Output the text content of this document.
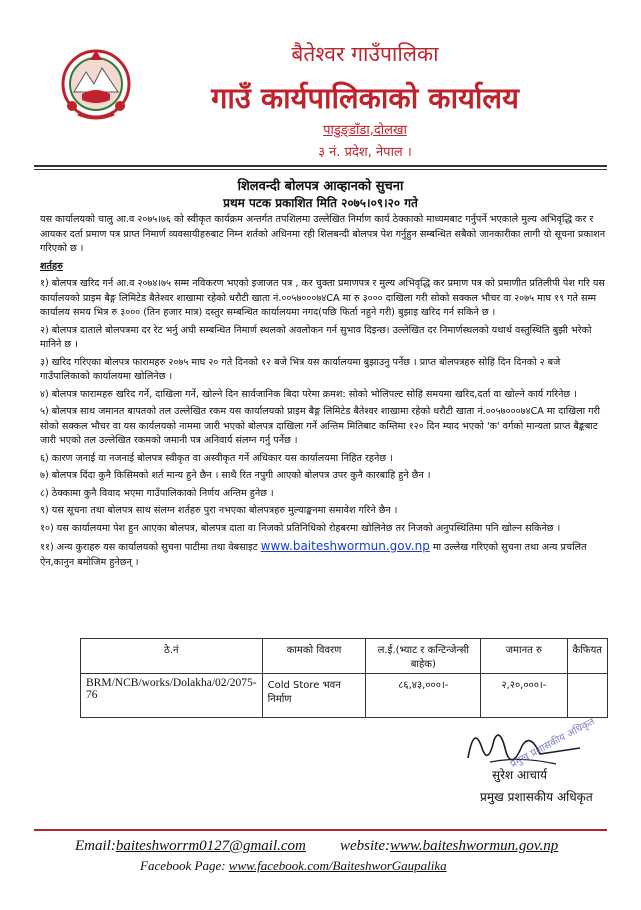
बैतेश्वर गाउँपालिका
गाउँ कार्यपालिकाको कार्यालय
पाडुङ्डाँडा,दोलखा
३ नं. प्रदेश, नेपाल ।
शिलवन्दी बोलपत्र आव्हानको सुचना
प्रथम पटक प्रकाशित मिति २०७५।०९।२० गते

यस कार्यालयको चालु आ.व २०७५।७६ को स्वीकृत कार्यक्रम अन्तर्गत तपशिलमा उल्लेखित निर्माण कार्य ठेक्काको माध्यमबाट गर्नुपर्ने भएकाले मुल्य अभिवृद्धि कर र आयकर दर्ता प्रमाण पत्र प्राप्त निमार्ण व्यवसायीहरुबाट निम्न शर्तको अधिनमा रही शिलबन्दी बोलपत्र पेश गर्नुहुन सम्बन्धित सबैको जानकारीका लागी यो सूचना प्रकाशन गरिएको छ ।

शर्तहरु

१) बोलपत्र खरिद गर्न आ.व २०७४।७५ सम्म नविकरण भएको इजाजत पत्र , कर चुक्ता प्रमाणपत्र र मुल्य अभिवृद्धि कर प्रमाण पत्र को प्रमाणीत प्रतिलीपी पेश गरि यस कार्यालयको प्राइम बैङ्ग लिमिटेड बैतेश्वर शाखामा रहेको धरौटी खाता नं.००५७०००७४CA मा रु ३००० दाखिला गरी सोको सक्कल भौचर वा २०७५ माघ १९ गते सम्म कार्यालय समय भित्र रु ३००० (तिन हजार मात्र) दस्तुर सम्बन्धित कार्यालयमा नगद(पछि फिर्ता नहुने गरी) बुझाइ खरिद गर्न सकिने छ ।

२) बोलपत्र दाताले बोलपत्रमा दर रेट भर्नु अघी सम्बन्धित निमार्ण स्थलको अवलोकन गर्न सुभाव दिइन्छ। उल्लेखित दर निमार्णस्थलको यथार्थ वस्तुस्थिति बुझी भरेको मानिने छ ।

३) खरिद गरिएका बोलपत्र फारामहरु २०७५ माघ २० गते दिनको १२ बजे भित्र यस कार्यालयमा बुझाउनु पर्नेछ । प्राप्त बोलपत्रहरु सोहि दिन दिनको २ बजे गाउँपालिकाको कार्यालयमा खोलिनेछ ।

४) बोलपत्र फारामहरु खरिद गर्ने, दाखिला गर्ने, खोल्ने दिन सार्वजानिक बिदा परेमा क्रमश: सोको भोलिपल्ट सोहि समयमा खरिद,दर्ता वा खोल्ने कार्य गरिनेछ ।

५) बोलपत्र साथ जमानत बापतको तल उल्लेखित रकम यस कार्यालयको प्राइम बैङ्ग लिमिटेड बैतेश्वर शाखामा रहेको धरौटी खाता नं.००५७०००७४CA मा दाखिला गरी सोको सक्कल भौचर वा यस कार्यलयको नाममा जारी भएको बोलपत्र दाखिला गर्ने अन्तिम मितिबाट कम्तिमा १२० दिन म्याद भएको 'क' वर्गको मान्यता प्राप्त बैङ्कबाट जारी भएको तल उल्लेखित रकमको जमानी पत्र अनिवार्य संलग्न गर्नु पर्नेछ ।

६) कारण जनाई वा नजनाई बोलपत्र स्वीकृत वा अस्वीकृत गर्ने अधिकार यस कार्यालयमा निहित रहनेछ ।

७) बोलपत्र दिंदा कुनै किसिमको शर्त मान्य हुने छैन । साथै रित नपुगी आएको बोलपत्र उपर कुनै कारबाहि हुने छैन ।

८) ठेक्कामा कुनै विवाद भएमा गाउँपालिकाको निर्णय अन्तिम हुनेछ ।

९) यस सूचना तथा बोलपत्र साथ संलग्न शर्तहरु पुरा नभएका बोलपत्रहरु मुल्याङ्कनमा समावेश गरिने छैन ।

१०) यस कार्यालयमा पेश हुन आएका बोलपत्र, बोलपत्र दाता वा निजको प्रतिनिधिको रोहबरमा खोलिनेछ तर निजको अनुपस्थितिमा पनि खोल्न सकिनेछ ।

११) अन्य कुराहरु यस कार्यालयको सुचना पाटीमा तथा वेबसाइट www.baiteshwormun.gov.np मा उल्लेख गरिएको सुचना तथा अन्य प्रचलित ऐन,कानुन बमोजिम हुनेछन् ।

ठे.नं	कामको विवरण	ल.ई.(भ्याट र कन्टिन्जेन्सी बाहेक)	जमानत रु	कैफियत
BRM/NCB/works/Dolakha/02/2075-76	Cold Store भवन निर्माण	८६,४३,०००।-	२,२०,०००।-	
प्रमुख प्रशासकीय अधिकृत
सुरेश आचार्य
प्रमुख प्रशासकीय अधिकृत
Email:baiteshworrm0127@gmail.com website:www.baiteshwormun.gov.np
Facebook Page: www.facebook.com/BaiteshworGaupalika
